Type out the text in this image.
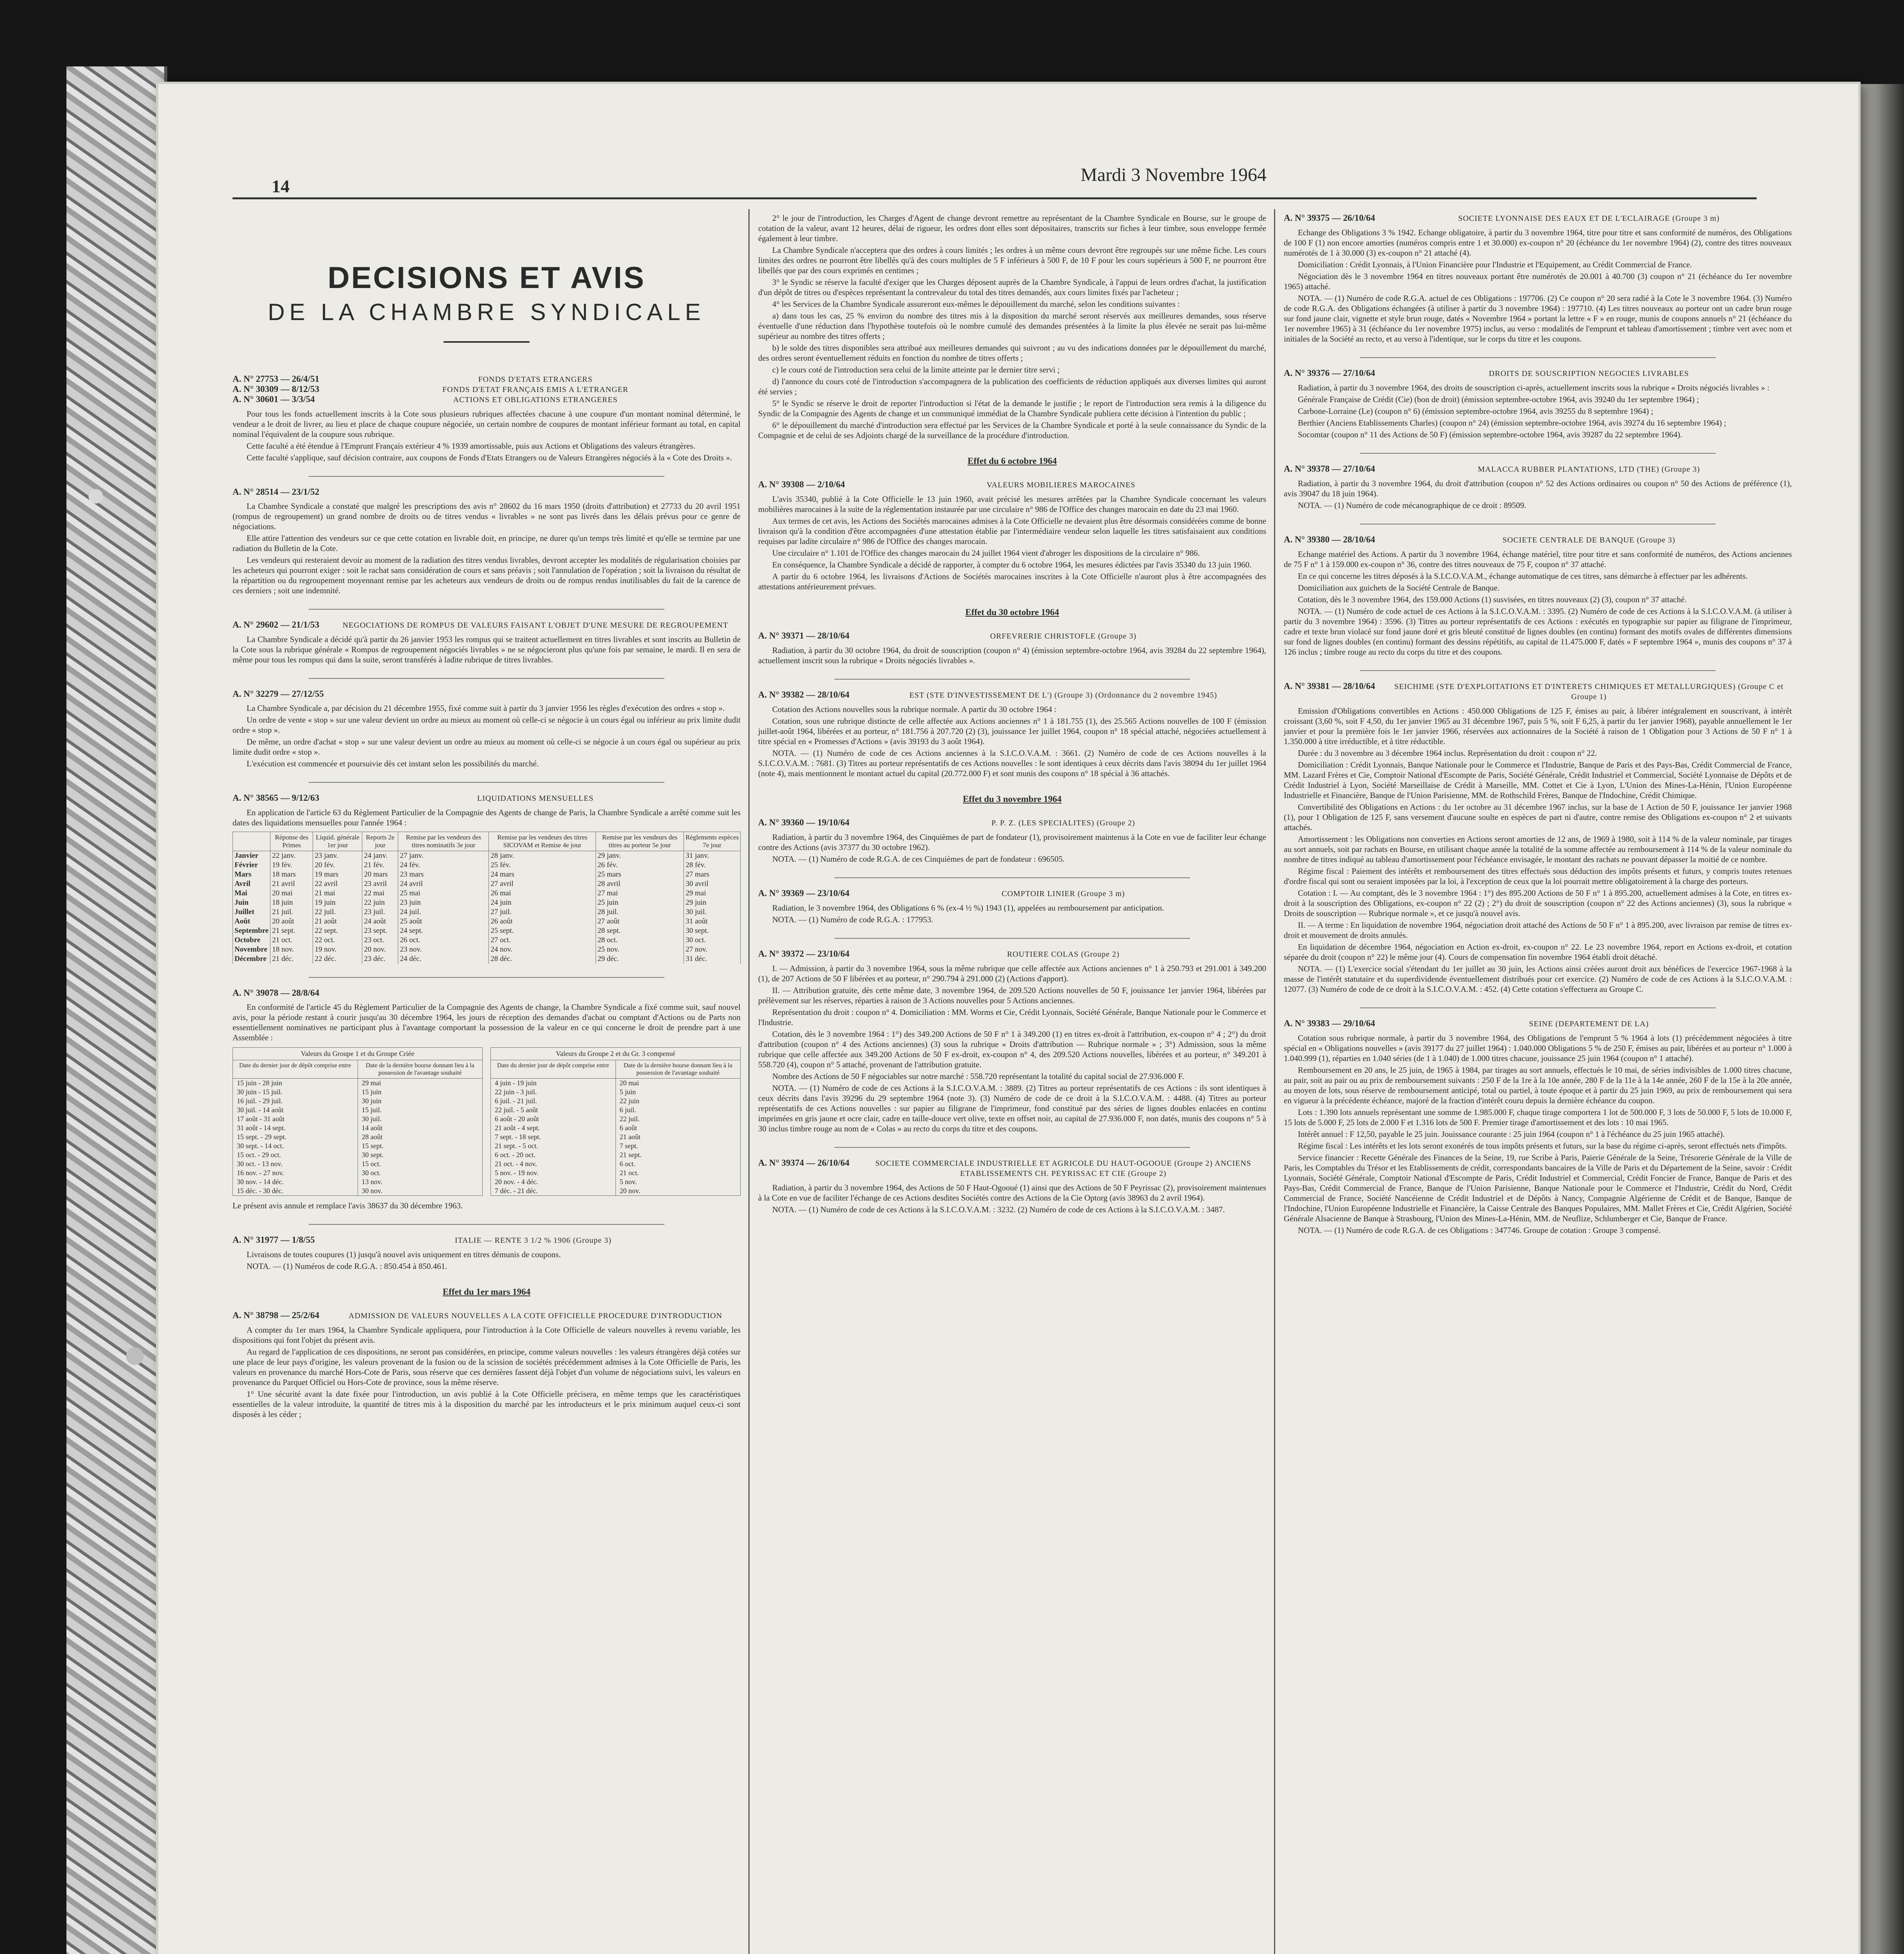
14
Mardi 3 Novembre 1964
DECISIONS ET AVIS
DE LA CHAMBRE SYNDICALE
A. N° 27753 — 26/4/51
A. N° 30309 — 8/12/53
A. N° 30601 — 3/3/54
FONDS D'ETATS ETRANGERS
FONDS D'ETAT FRANÇAIS EMIS A L'ETRANGER
ACTIONS ET OBLIGATIONS ETRANGERES

Pour tous les fonds actuellement inscrits à la Cote sous plusieurs rubriques affectées chacune à une coupure d'un montant nominal déterminé, le vendeur a le droit de livrer, au lieu et place de chaque coupure négociée, un certain nombre de coupures de montant inférieur formant au total, en capital nominal l'équivalent de la coupure sous rubrique.

Cette faculté a été étendue à l'Emprunt Français extérieur 4 % 1939 amortissable, puis aux Actions et Obligations des valeurs étrangères.

Cette faculté s'applique, sauf décision contraire, aux coupons de Fonds d'Etats Etrangers ou de Valeurs Etrangères négociés à la « Cote des Droits ».

A. N° 28514 — 23/1/52

La Chambre Syndicale a constaté que malgré les prescriptions des avis n° 28602 du 16 mars 1950 (droits d'attribution) et 27733 du 20 avril 1951 (rompus de regroupement) un grand nombre de droits ou de titres vendus « livrables » ne sont pas livrés dans les délais prévus pour ce genre de négociations.

Elle attire l'attention des vendeurs sur ce que cette cotation en livrable doit, en principe, ne durer qu'un temps très limité et qu'elle se termine par une radiation du Bulletin de la Cote.

Les vendeurs qui resteraient devoir au moment de la radiation des titres vendus livrables, devront accepter les modalités de régularisation choisies par les acheteurs qui pourront exiger : soit le rachat sans considération de cours et sans préavis ; soit l'annulation de l'opération ; soit la livraison du résultat de la répartition ou du regroupement moyennant remise par les acheteurs aux vendeurs de droits ou de rompus rendus inutilisables du fait de la carence de ces derniers ; soit une indemnité.

A. N° 29602 — 21/1/53	NEGOCIATIONS DE ROMPUS DE VALEURS FAISANT L'OBJET D'UNE MESURE DE REGROUPEMENT

La Chambre Syndicale a décidé qu'à partir du 26 janvier 1953 les rompus qui se traitent actuellement en titres livrables et sont inscrits au Bulletin de la Cote sous la rubrique générale « Rompus de regroupement négociés livrables » ne se négocieront plus qu'une fois par semaine, le mardi. Il en sera de même pour tous les rompus qui dans la suite, seront transférés à ladite rubrique de titres livrables.

A. N° 32279 — 27/12/55

La Chambre Syndicale a, par décision du 21 décembre 1955, fixé comme suit à partir du 3 janvier 1956 les règles d'exécution des ordres « stop ».

Un ordre de vente « stop » sur une valeur devient un ordre au mieux au moment où celle-ci se négocie à un cours égal ou inférieur au prix limite dudit ordre « stop ».

De même, un ordre d'achat « stop » sur une valeur devient un ordre au mieux au moment où celle-ci se négocie à un cours égal ou supérieur au prix limite dudit ordre « stop ».

L'exécution est commencée et poursuivie dès cet instant selon les possibilités du marché.

A. N° 38565 — 9/12/63	LIQUIDATIONS MENSUELLES

En application de l'article 63 du Règlement Particulier de la Compagnie des Agents de change de Paris, la Chambre Syndicale a arrêté comme suit les dates des liquidations mensuelles pour l'année 1964 :

	Réponse des Primes	Liquid. générale 1er jour	Reports 2e jour	Remise par les vendeurs des titres nominatifs 3e jour	Remise par les vendeurs des titres SICOVAM et Remise 4e jour	Remise par les vendeurs des titres au porteur 5e jour	Règlements espèces 7e jour
Janvier	22 janv.	23 janv.	24 janv.	27 janv.	28 janv.	29 janv.	31 janv.
Février	19 fév.	20 fév.	21 fév.	24 fév.	25 fév.	26 fév.	28 fév.
Mars	18 mars	19 mars	20 mars	23 mars	24 mars	25 mars	27 mars
Avril	21 avril	22 avril	23 avril	24 avril	27 avril	28 avril	30 avril
Mai	20 mai	21 mai	22 mai	25 mai	26 mai	27 mai	29 mai
Juin	18 juin	19 juin	22 juin	23 juin	24 juin	25 juin	29 juin
Juillet	21 juil.	22 juil.	23 juil.	24 juil.	27 juil.	28 juil.	30 juil.
Août	20 août	21 août	24 août	25 août	26 août	27 août	31 août
Septembre	21 sept.	22 sept.	23 sept.	24 sept.	25 sept.	28 sept.	30 sept.
Octobre	21 oct.	22 oct.	23 oct.	26 oct.	27 oct.	28 oct.	30 oct.
Novembre	18 nov.	19 nov.	20 nov.	23 nov.	24 nov.	25 nov.	27 nov.
Décembre	21 déc.	22 déc.	23 déc.	24 déc.	28 déc.	29 déc.	31 déc.
A. N° 39078 — 28/8/64

En conformité de l'article 45 du Règlement Particulier de la Compagnie des Agents de change, la Chambre Syndicale a fixé comme suit, sauf nouvel avis, pour la période restant à courir jusqu'au 30 décembre 1964, les jours de réception des demandes d'achat ou comptant d'Actions ou de Parts non essentiellement nominatives ne participant plus à l'avantage comportant la possession de la valeur en ce qui concerne le droit de prendre part à une Assemblée :

Valeurs du Groupe 1 et du Groupe Criée
Date du dernier jour de dépôt comprise entre	Date de la dernière bourse donnant lieu à la possession de l'avantage souhaité
15 juin - 28 juin	29 mai
30 juin - 15 juil.	15 juin
16 juil. - 29 juil.	30 juin
30 juil. - 14 août	15 juil.
17 août - 31 août	30 juil.
31 août - 14 sept.	14 août
15 sept. - 29 sept.	28 août
30 sept. - 14 oct.	15 sept.
15 oct. - 29 oct.	30 sept.
30 oct. - 13 nov.	15 oct.
16 nov. - 27 nov.	30 oct.
30 nov. - 14 déc.	13 nov.
15 déc. - 30 déc.	30 nov.
Valeurs du Groupe 2 et du Gr. 3 compensé
Date du dernier jour de dépôt comprise entre	Date de la dernière bourse donnant lieu à la possession de l'avantage souhaité
4 juin - 19 juin	20 mai
22 juin - 3 juil.	5 juin
6 juil. - 21 juil.	22 juin
22 juil. - 5 août	6 juil.
6 août - 20 août	22 juil.
21 août - 4 sept.	6 août
7 sept. - 18 sept.	21 août
21 sept. - 5 oct.	7 sept.
6 oct. - 20 oct.	21 sept.
21 oct. - 4 nov.	6 oct.
5 nov. - 19 nov.	21 oct.
20 nov. - 4 déc.	5 nov.
7 déc. - 21 déc.	20 nov.
Le présent avis annule et remplace l'avis 38637 du 30 décembre 1963.
A. N° 31977 — 1/8/55	ITALIE — RENTE 3 1/2 % 1906 (Groupe 3)

Livraisons de toutes coupures (1) jusqu'à nouvel avis uniquement en titres démunis de coupons.

NOTA. — (1) Numéros de code R.G.A. : 850.454 à 850.461.

Effet du 1er mars 1964
A. N° 38798 — 25/2/64	ADMISSION DE VALEURS NOUVELLES A LA COTE OFFICIELLE PROCEDURE D'INTRODUCTION

A compter du 1er mars 1964, la Chambre Syndicale appliquera, pour l'introduction à la Cote Officielle de valeurs nouvelles à revenu variable, les dispositions qui font l'objet du présent avis.

Au regard de l'application de ces dispositions, ne seront pas considérées, en principe, comme valeurs nouvelles : les valeurs étrangères déjà cotées sur une place de leur pays d'origine, les valeurs provenant de la fusion ou de la scission de sociétés précédemment admises à la Cote Officielle de Paris, les valeurs en provenance du marché Hors-Cote de Paris, sous réserve que ces dernières fassent déjà l'objet d'un volume de négociations suivi, les valeurs en provenance du Parquet Officiel ou Hors-Cote de province, sous la même réserve.

1° Une sécurité avant la date fixée pour l'introduction, un avis publié à la Cote Officielle précisera, en même temps que les caractéristiques essentielles de la valeur introduite, la quantité de titres mis à la disposition du marché par les introducteurs et le prix minimum auquel ceux-ci sont disposés à les céder ;

2° le jour de l'introduction, les Charges d'Agent de change devront remettre au représentant de la Chambre Syndicale en Bourse, sur le groupe de cotation de la valeur, avant 12 heures, délai de rigueur, les ordres dont elles sont dépositaires, transcrits sur fiches à leur timbre, sous enveloppe fermée également à leur timbre.

La Chambre Syndicale n'acceptera que des ordres à cours limités ; les ordres à un même cours devront être regroupés sur une même fiche. Les cours limites des ordres ne pourront être libellés qu'à des cours multiples de 5 F inférieurs à 500 F, de 10 F pour les cours supérieurs à 500 F, ne pourront être libellés que par des cours exprimés en centimes ;

3° le Syndic se réserve la faculté d'exiger que les Charges déposent auprès de la Chambre Syndicale, à l'appui de leurs ordres d'achat, la justification d'un dépôt de titres ou d'espèces représentant la contrevaleur du total des titres demandés, aux cours limites fixés par l'acheteur ;

4° les Services de la Chambre Syndicale assureront eux-mêmes le dépouillement du marché, selon les conditions suivantes :

a) dans tous les cas, 25 % environ du nombre des titres mis à la disposition du marché seront réservés aux meilleures demandes, sous réserve éventuelle d'une réduction dans l'hypothèse toutefois où le nombre cumulé des demandes présentées à la limite la plus élevée ne serait pas lui-même supérieur au nombre des titres offerts ;

b) le solde des titres disponibles sera attribué aux meilleures demandes qui suivront ; au vu des indications données par le dépouillement du marché, des ordres seront éventuellement réduits en fonction du nombre de titres offerts ;

c) le cours coté de l'introduction sera celui de la limite atteinte par le dernier titre servi ;

d) l'annonce du cours coté de l'introduction s'accompagnera de la publication des coefficients de réduction appliqués aux diverses limites qui auront été servies ;

5° le Syndic se réserve le droit de reporter l'introduction si l'état de la demande le justifie ; le report de l'introduction sera remis à la diligence du Syndic de la Compagnie des Agents de change et un communiqué immédiat de la Chambre Syndicale publiera cette décision à l'intention du public ;

6° le dépouillement du marché d'introduction sera effectué par les Services de la Chambre Syndicale et porté à la seule connaissance du Syndic de la Compagnie et de celui de ses Adjoints chargé de la surveillance de la procédure d'introduction.

Effet du 6 octobre 1964
A. N° 39308 — 2/10/64	VALEURS MOBILIERES MAROCAINES

L'avis 35340, publié à la Cote Officielle le 13 juin 1960, avait précisé les mesures arrêtées par la Chambre Syndicale concernant les valeurs mobilières marocaines à la suite de la réglementation instaurée par une circulaire n° 986 de l'Office des changes marocain en date du 23 mai 1960.

Aux termes de cet avis, les Actions des Sociétés marocaines admises à la Cote Officielle ne devaient plus être désormais considérées comme de bonne livraison qu'à la condition d'être accompagnées d'une attestation établie par l'intermédiaire vendeur selon laquelle les titres satisfaisaient aux conditions requises par ladite circulaire n° 986 de l'Office des changes marocain.

Une circulaire n° 1.101 de l'Office des changes marocain du 24 juillet 1964 vient d'abroger les dispositions de la circulaire n° 986.

En conséquence, la Chambre Syndicale a décidé de rapporter, à compter du 6 octobre 1964, les mesures édictées par l'avis 35340 du 13 juin 1960.

A partir du 6 octobre 1964, les livraisons d'Actions de Sociétés marocaines inscrites à la Cote Officielle n'auront plus à être accompagnées des attestations antérieurement prévues.

Effet du 30 octobre 1964
A. N° 39371 — 28/10/64	ORFEVRERIE CHRISTOFLE (Groupe 3)

Radiation, à partir du 30 octobre 1964, du droit de souscription (coupon n° 4) (émission septembre-octobre 1964, avis 39284 du 22 septembre 1964), actuellement inscrit sous la rubrique « Droits négociés livrables ».

A. N° 39382 — 28/10/64	EST (STE D'INVESTISSEMENT DE L') (Groupe 3) (Ordonnance du 2 novembre 1945)

Cotation des Actions nouvelles sous la rubrique normale. A partir du 30 octobre 1964 :

Cotation, sous une rubrique distincte de celle affectée aux Actions anciennes n° 1 à 181.755 (1), des 25.565 Actions nouvelles de 100 F (émission juillet-août 1964, libérées et au porteur, n° 181.756 à 207.720 (2) (3), jouissance 1er juillet 1964, coupon n° 18 spécial attaché, négociées actuellement à titre spécial en « Promesses d'Actions » (avis 39193 du 3 août 1964).

NOTA. — (1) Numéro de code de ces Actions anciennes à la S.I.C.O.V.A.M. : 3661. (2) Numéro de code de ces Actions nouvelles à la S.I.C.O.V.A.M. : 7681. (3) Titres au porteur représentatifs de ces Actions nouvelles : le sont identiques à ceux décrits dans l'avis 38094 du 1er juillet 1964 (note 4), mais mentionnent le montant actuel du capital (20.772.000 F) et sont munis des coupons n° 18 spécial à 36 attachés.

Effet du 3 novembre 1964
A. N° 39360 — 19/10/64	P. P. Z. (LES SPECIALITES) (Groupe 2)

Radiation, à partir du 3 novembre 1964, des Cinquièmes de part de fondateur (1), provisoirement maintenus à la Cote en vue de faciliter leur échange contre des Actions (avis 37377 du 30 octobre 1962).

NOTA. — (1) Numéro de code R.G.A. de ces Cinquièmes de part de fondateur : 696505.

A. N° 39369 — 23/10/64	COMPTOIR LINIER (Groupe 3 m)

Radiation, le 3 novembre 1964, des Obligations 6 % (ex-4 ½ %) 1943 (1), appelées au remboursement par anticipation.

NOTA. — (1) Numéro de code R.G.A. : 177953.

A. N° 39372 — 23/10/64	ROUTIERE COLAS (Groupe 2)

I. — Admission, à partir du 3 novembre 1964, sous la même rubrique que celle affectée aux Actions anciennes n° 1 à 250.793 et 291.001 à 349.200 (1), de 207 Actions de 50 F libérées et au porteur, n° 290.794 à 291.000 (2) (Actions d'apport).

II. — Attribution gratuite, dès cette même date, 3 novembre 1964, de 209.520 Actions nouvelles de 50 F, jouissance 1er janvier 1964, libérées par prélèvement sur les réserves, réparties à raison de 3 Actions nouvelles pour 5 Actions anciennes.

Représentation du droit : coupon n° 4. Domiciliation : MM. Worms et Cie, Crédit Lyonnais, Société Générale, Banque Nationale pour le Commerce et l'Industrie.

Cotation, dès le 3 novembre 1964 : 1°) des 349.200 Actions de 50 F n° 1 à 349.200 (1) en titres ex-droit à l'attribution, ex-coupon n° 4 ; 2°) du droit d'attribution (coupon n° 4 des Actions anciennes) (3) sous la rubrique « Droits d'attribution — Rubrique normale » ; 3°) Admission, sous la même rubrique que celle affectée aux 349.200 Actions de 50 F ex-droit, ex-coupon n° 4, des 209.520 Actions nouvelles, libérées et au porteur, n° 349.201 à 558.720 (4), coupon n° 5 attaché, provenant de l'attribution gratuite.

Nombre des Actions de 50 F négociables sur notre marché : 558.720 représentant la totalité du capital social de 27.936.000 F.

NOTA. — (1) Numéro de code de ces Actions à la S.I.C.O.V.A.M. : 3889. (2) Titres au porteur représentatifs de ces Actions : ils sont identiques à ceux décrits dans l'avis 39296 du 29 septembre 1964 (note 3). (3) Numéro de code de ce droit à la S.I.C.O.V.A.M. : 4488. (4) Titres au porteur représentatifs de ces Actions nouvelles : sur papier au filigrane de l'imprimeur, fond constitué par des séries de lignes doubles enlacées en continu imprimées en gris jaune et ocre clair, cadre en taille-douce vert olive, texte en offset noir, au capital de 27.936.000 F, non datés, munis des coupons n° 5 à 30 inclus timbre rouge au nom de « Colas » au recto du corps du titre et des coupons.

A. N° 39374 — 26/10/64	SOCIETE COMMERCIALE INDUSTRIELLE ET AGRICOLE DU HAUT-OGOOUE (Groupe 2) ANCIENS ETABLISSEMENTS CH. PEYRISSAC ET CIE (Groupe 2)

Radiation, à partir du 3 novembre 1964, des Actions de 50 F Haut-Ogooué (1) ainsi que des Actions de 50 F Peyrissac (2), provisoirement maintenues à la Cote en vue de faciliter l'échange de ces Actions desdites Sociétés contre des Actions de la Cie Optorg (avis 38963 du 2 avril 1964).

NOTA. — (1) Numéro de code de ces Actions à la S.I.C.O.V.A.M. : 3232. (2) Numéro de code de ces Actions à la S.I.C.O.V.A.M. : 3487.

A. N° 39375 — 26/10/64	SOCIETE LYONNAISE DES EAUX ET DE L'ECLAIRAGE (Groupe 3 m)

Echange des Obligations 3 % 1942. Echange obligatoire, à partir du 3 novembre 1964, titre pour titre et sans conformité de numéros, des Obligations de 100 F (1) non encore amorties (numéros compris entre 1 et 30.000) ex-coupon n° 20 (échéance du 1er novembre 1964) (2), contre des titres nouveaux numérotés de 1 à 30.000 (3) ex-coupon n° 21 attaché (4).

Domiciliation : Crédit Lyonnais, à l'Union Financière pour l'Industrie et l'Equipement, au Crédit Commercial de France.

Négociation dès le 3 novembre 1964 en titres nouveaux portant être numérotés de 20.001 à 40.700 (3) coupon n° 21 (échéance du 1er novembre 1965) attaché.

NOTA. — (1) Numéro de code R.G.A. actuel de ces Obligations : 197706. (2) Ce coupon n° 20 sera radié à la Cote le 3 novembre 1964. (3) Numéro de code R.G.A. des Obligations échangées (à utiliser à partir du 3 novembre 1964) : 197710. (4) Les titres nouveaux au porteur ont un cadre brun rouge sur fond jaune clair, vignette et style brun rouge, datés « Novembre 1964 » portant la lettre « F » en rouge, munis de coupons annuels n° 21 (échéance du 1er novembre 1965) à 31 (échéance du 1er novembre 1975) inclus, au verso : modalités de l'emprunt et tableau d'amortissement ; timbre vert avec nom et initiales de la Société au recto, et au verso à l'identique, sur le corps du titre et les coupons.

A. N° 39376 — 27/10/64	DROITS DE SOUSCRIPTION NEGOCIES LIVRABLES

Radiation, à partir du 3 novembre 1964, des droits de souscription ci-après, actuellement inscrits sous la rubrique « Droits négociés livrables » :

Générale Française de Crédit (Cie) (bon de droit) (émission septembre-octobre 1964, avis 39240 du 1er septembre 1964) ;

Carbone-Lorraine (Le) (coupon n° 6) (émission septembre-octobre 1964, avis 39255 du 8 septembre 1964) ;

Berthier (Anciens Etablissements Charles) (coupon n° 24) (émission septembre-octobre 1964, avis 39274 du 16 septembre 1964) ;

Socomtar (coupon n° 11 des Actions de 50 F) (émission septembre-octobre 1964, avis 39287 du 22 septembre 1964).

A. N° 39378 — 27/10/64	MALACCA RUBBER PLANTATIONS, LTD (THE) (Groupe 3)

Radiation, à partir du 3 novembre 1964, du droit d'attribution (coupon n° 52 des Actions ordinaires ou coupon n° 50 des Actions de préférence (1), avis 39047 du 18 juin 1964).

NOTA. — (1) Numéro de code mécanographique de ce droit : 89509.

A. N° 39380 — 28/10/64	SOCIETE CENTRALE DE BANQUE (Groupe 3)

Echange matériel des Actions. A partir du 3 novembre 1964, échange matériel, titre pour titre et sans conformité de numéros, des Actions anciennes de 75 F n° 1 à 159.000 ex-coupon n° 36, contre des titres nouveaux de 75 F, coupon n° 37 attaché.

En ce qui concerne les titres déposés à la S.I.C.O.V.A.M., échange automatique de ces titres, sans démarche à effectuer par les adhérents.

Domiciliation aux guichets de la Société Centrale de Banque.

Cotation, dès le 3 novembre 1964, des 159.000 Actions (1) susvisées, en titres nouveaux (2) (3), coupon n° 37 attaché.

NOTA. — (1) Numéro de code actuel de ces Actions à la S.I.C.O.V.A.M. : 3395. (2) Numéro de code de ces Actions à la S.I.C.O.V.A.M. (à utiliser à partir du 3 novembre 1964) : 3596. (3) Titres au porteur représentatifs de ces Actions : exécutés en typographie sur papier au filigrane de l'imprimeur, cadre et texte brun violacé sur fond jaune doré et gris bleuté constitué de lignes doubles (en continu) formant des motifs ovales de différentes dimensions sur fond de lignes doubles (en continu) formant des dessins répétitifs, au capital de 11.475.000 F, datés « F septembre 1964 », munis des coupons n° 37 à 126 inclus ; timbre rouge au recto du corps du titre et des coupons.

A. N° 39381 — 28/10/64	SEICHIME (STE D'EXPLOITATIONS ET D'INTERETS CHIMIQUES ET METALLURGIQUES) (Groupe C et Groupe 1)

Emission d'Obligations convertibles en Actions : 450.000 Obligations de 125 F, émises au pair, à libérer intégralement en souscrivant, à intérêt croissant (3,60 %, soit F 4,50, du 1er janvier 1965 au 31 décembre 1967, puis 5 %, soit F 6,25, à partir du 1er janvier 1968), payable annuellement le 1er janvier et pour la première fois le 1er janvier 1966, réservées aux actionnaires de la Société à raison de 1 Obligation pour 3 Actions de 50 F n° 1 à 1.350.000 à titre irréductible, et à titre réductible.

Durée : du 3 novembre au 3 décembre 1964 inclus. Représentation du droit : coupon n° 22.

Domiciliation : Crédit Lyonnais, Banque Nationale pour le Commerce et l'Industrie, Banque de Paris et des Pays-Bas, Crédit Commercial de France, MM. Lazard Frères et Cie, Comptoir National d'Escompte de Paris, Société Générale, Crédit Industriel et Commercial, Société Lyonnaise de Dépôts et de Crédit Industriel à Lyon, Société Marseillaise de Crédit à Marseille, MM. Cottet et Cie à Lyon, L'Union des Mines-La-Hénin, l'Union Européenne Industrielle et Financière, Banque de l'Union Parisienne, MM. de Rothschild Frères, Banque de l'Indochine, Crédit Chimique.

Convertibilité des Obligations en Actions : du 1er octobre au 31 décembre 1967 inclus, sur la base de 1 Action de 50 F, jouissance 1er janvier 1968 (1), pour 1 Obligation de 125 F, sans versement d'aucune soulte en espèces de part ni d'autre, contre remise des Obligations ex-coupon n° 2 et suivants attachés.

Amortissement : les Obligations non converties en Actions seront amorties de 12 ans, de 1969 à 1980, soit à 114 % de la valeur nominale, par tirages au sort annuels, soit par rachats en Bourse, en utilisant chaque année la totalité de la somme affectée au remboursement à 114 % de la valeur nominale du nombre de titres indiqué au tableau d'amortissement pour l'échéance envisagée, le montant des rachats ne pouvant dépasser la moitié de ce nombre.

Régime fiscal : Paiement des intérêts et remboursement des titres effectués sous déduction des impôts présents et futurs, y compris toutes retenues d'ordre fiscal qui sont ou seraient imposées par la loi, à l'exception de ceux que la loi pourrait mettre obligatoirement à la charge des porteurs.

Cotation : I. — Au comptant, dès le 3 novembre 1964 : 1°) des 895.200 Actions de 50 F n° 1 à 895.200, actuellement admises à la Cote, en titres ex-droit à la souscription des Obligations, ex-coupon n° 22 (2) ; 2°) du droit de souscription (coupon n° 22 des Actions anciennes) (3), sous la rubrique « Droits de souscription — Rubrique normale », et ce jusqu'à nouvel avis.

II. — A terme : En liquidation de novembre 1964, négociation droit attaché des Actions de 50 F n° 1 à 895.200, avec livraison par remise de titres ex-droit et mouvement de droits annulés.

En liquidation de décembre 1964, négociation en Action ex-droit, ex-coupon n° 22. Le 23 novembre 1964, report en Actions ex-droit, et cotation séparée du droit (coupon n° 22) le même jour (4). Cours de compensation fin novembre 1964 établi droit détaché.

NOTA. — (1) L'exercice social s'étendant du 1er juillet au 30 juin, les Actions ainsi créées auront droit aux bénéfices de l'exercice 1967-1968 à la masse de l'intérêt statutaire et du superdividende éventuellement distribués pour cet exercice. (2) Numéro de code de ces Actions à la S.I.C.O.V.A.M. : 12077. (3) Numéro de code de ce droit à la S.I.C.O.V.A.M. : 452. (4) Cette cotation s'effectuera au Groupe C.

A. N° 39383 — 29/10/64	SEINE (DEPARTEMENT DE LA)

Cotation sous rubrique normale, à partir du 3 novembre 1964, des Obligations de l'emprunt 5 % 1964 à lots (1) précédemment négociées à titre spécial en « Obligations nouvelles » (avis 39177 du 27 juillet 1964) : 1.040.000 Obligations 5 % de 250 F, émises au pair, libérées et au porteur n° 1.000 à 1.040.999 (1), réparties en 1.040 séries (de 1 à 1.040) de 1.000 titres chacune, jouissance 25 juin 1964 (coupon n° 1 attaché).

Remboursement en 20 ans, le 25 juin, de 1965 à 1984, par tirages au sort annuels, effectués le 10 mai, de séries indivisibles de 1.000 titres chacune, au pair, soit au pair ou au prix de remboursement suivants : 250 F de la 1re à la 10e année, 280 F de la 11e à la 14e année, 260 F de la 15e à la 20e année, au moyen de lots, sous réserve de remboursement anticipé, total ou partiel, à toute époque et à partir du 25 juin 1969, au prix de remboursement qui sera en vigueur à la précédente échéance, majoré de la fraction d'intérêt couru depuis la dernière échéance du coupon.

Lots : 1.390 lots annuels représentant une somme de 1.985.000 F, chaque tirage comportera 1 lot de 500.000 F, 3 lots de 50.000 F, 5 lots de 10.000 F, 15 lots de 5.000 F, 25 lots de 2.000 F et 1.316 lots de 500 F. Premier tirage d'amortissement et des lots : 10 mai 1965.

Intérêt annuel : F 12,50, payable le 25 juin. Jouissance courante : 25 juin 1964 (coupon n° 1 à l'échéance du 25 juin 1965 attaché).

Régime fiscal : Les intérêts et les lots seront exonérés de tous impôts présents et futurs, sur la base du régime ci-après, seront effectués nets d'impôts.

Service financier : Recette Générale des Finances de la Seine, 19, rue Scribe à Paris, Paierie Générale de la Seine, Trésorerie Générale de la Ville de Paris, les Comptables du Trésor et les Etablissements de crédit, correspondants bancaires de la Ville de Paris et du Département de la Seine, savoir : Crédit Lyonnais, Société Générale, Comptoir National d'Escompte de Paris, Crédit Industriel et Commercial, Crédit Foncier de France, Banque de Paris et des Pays-Bas, Crédit Commercial de France, Banque de l'Union Parisienne, Banque Nationale pour le Commerce et l'Industrie, Crédit du Nord, Crédit Commercial de France, Société Nancéienne de Crédit Industriel et de Dépôts à Nancy, Compagnie Algérienne de Crédit et de Banque, Banque de l'Indochine, l'Union Européenne Industrielle et Financière, la Caisse Centrale des Banques Populaires, MM. Mallet Frères et Cie, Crédit Algérien, Société Générale Alsacienne de Banque à Strasbourg, l'Union des Mines-La-Hénin, MM. de Neuflize, Schlumberger et Cie, Banque de France.

NOTA. — (1) Numéro de code R.G.A. de ces Obligations : 347746. Groupe de cotation : Groupe 3 compensé.
